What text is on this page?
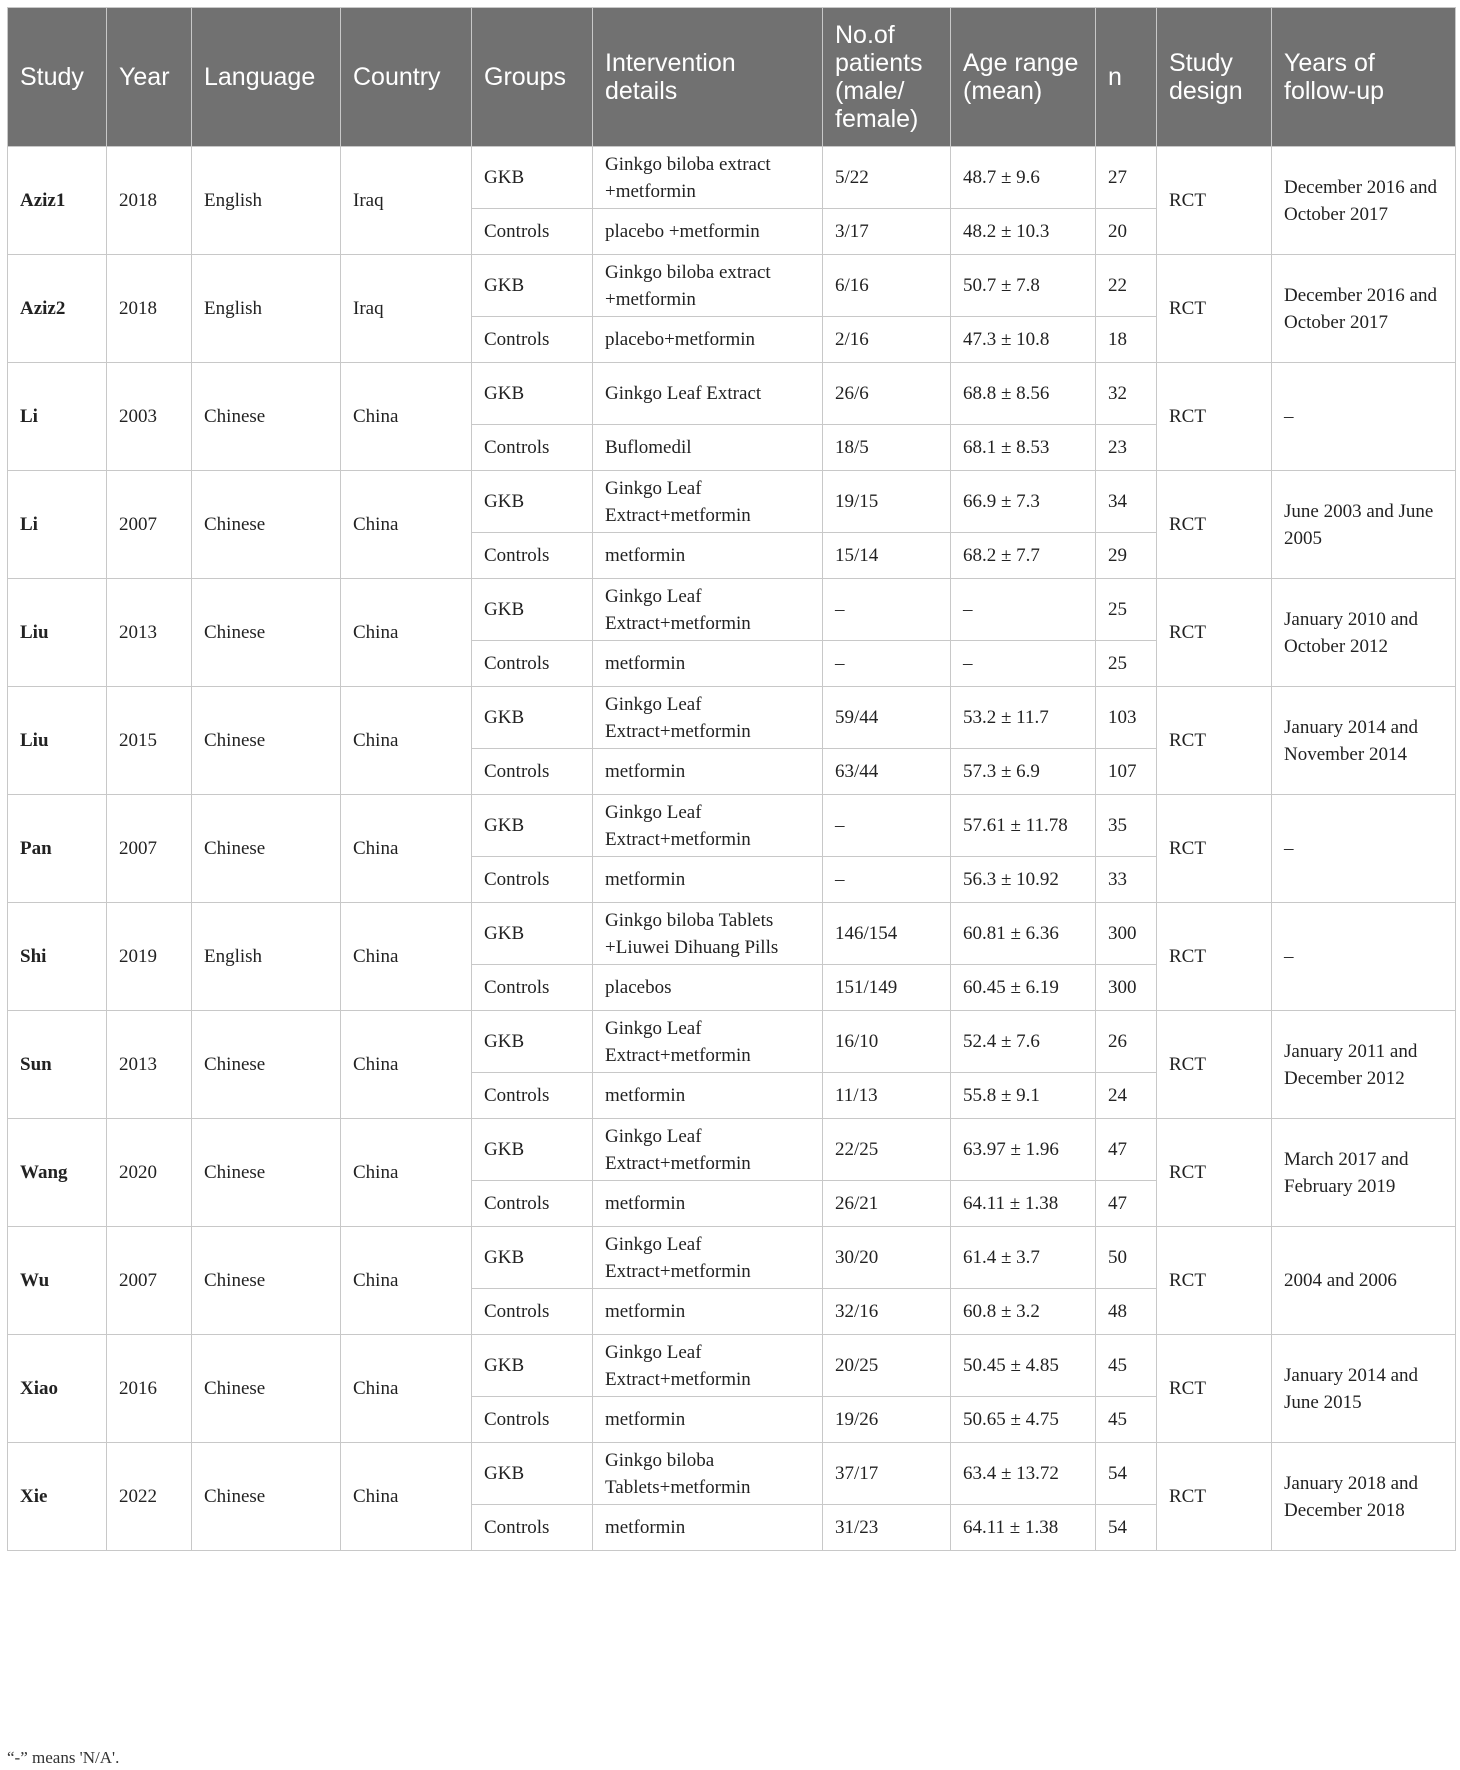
Study	Year	Language	Country	Groups	Intervention details	No.of patients (male/ female)	Age range (mean)	n	Study design	Years of follow-up
Aziz1	2018	English	Iraq	GKB	Ginkgo biloba extract +metformin	5/22	48.7 ± 9.6	27	RCT	December 2016 and October 2017
				Controls	placebo +metformin	3/17	48.2 ± 10.3	20		
Aziz2	2018	English	Iraq	GKB	Ginkgo biloba extract +metformin	6/16	50.7 ± 7.8	22	RCT	December 2016 and October 2017
				Controls	placebo+metformin	2/16	47.3 ± 10.8	18		
Li	2003	Chinese	China	GKB	Ginkgo Leaf Extract	26/6	68.8 ± 8.56	32	RCT	–
				Controls	Buflomedil	18/5	68.1 ± 8.53	23		
Li	2007	Chinese	China	GKB	Ginkgo Leaf Extract+metformin	19/15	66.9 ± 7.3	34	RCT	June 2003 and June 2005
				Controls	metformin	15/14	68.2 ± 7.7	29		
Liu	2013	Chinese	China	GKB	Ginkgo Leaf Extract+metformin	–	–	25	RCT	January 2010 and October 2012
				Controls	metformin	–	–	25		
Liu	2015	Chinese	China	GKB	Ginkgo Leaf Extract+metformin	59/44	53.2 ± 11.7	103	RCT	January 2014 and November 2014
				Controls	metformin	63/44	57.3 ± 6.9	107		
Pan	2007	Chinese	China	GKB	Ginkgo Leaf Extract+metformin	–	57.61 ± 11.78	35	RCT	–
				Controls	metformin	–	56.3 ± 10.92	33		
Shi	2019	English	China	GKB	Ginkgo biloba Tablets +Liuwei Dihuang Pills	146/154	60.81 ± 6.36	300	RCT	–
				Controls	placebos	151/149	60.45 ± 6.19	300		
Sun	2013	Chinese	China	GKB	Ginkgo Leaf Extract+metformin	16/10	52.4 ± 7.6	26	RCT	January 2011 and December 2012
				Controls	metformin	11/13	55.8 ± 9.1	24		
Wang	2020	Chinese	China	GKB	Ginkgo Leaf Extract+metformin	22/25	63.97 ± 1.96	47	RCT	March 2017 and February 2019
				Controls	metformin	26/21	64.11 ± 1.38	47		
Wu	2007	Chinese	China	GKB	Ginkgo Leaf Extract+metformin	30/20	61.4 ± 3.7	50	RCT	2004 and 2006
				Controls	metformin	32/16	60.8 ± 3.2	48		
Xiao	2016	Chinese	China	GKB	Ginkgo Leaf Extract+metformin	20/25	50.45 ± 4.85	45	RCT	January 2014 and June 2015
				Controls	metformin	19/26	50.65 ± 4.75	45		
Xie	2022	Chinese	China	GKB	Ginkgo biloba Tablets+metformin	37/17	63.4 ± 13.72	54	RCT	January 2018 and December 2018
				Controls	metformin	31/23	64.11 ± 1.38	54		
“-” means 'N/A'.
